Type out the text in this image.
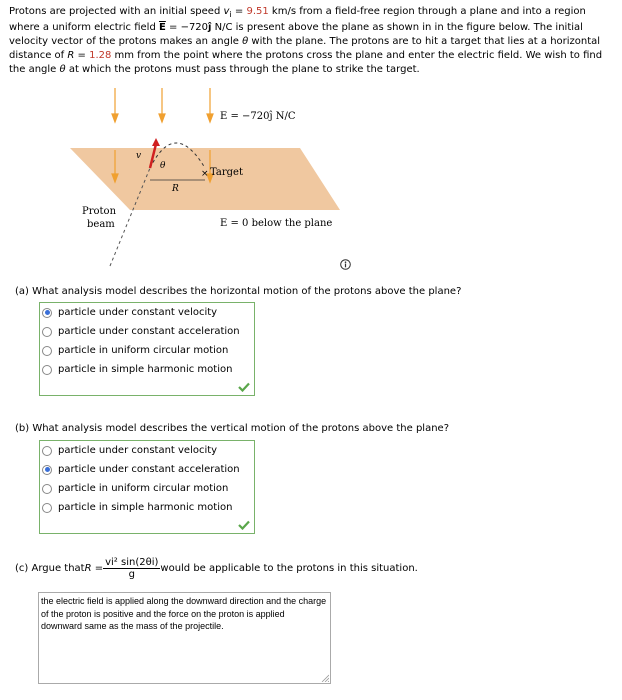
Protons are projected with an initial speed $v_i = 9.51$ km/s from a field-free region through a plane and into a region where a uniform electric field $\overline{E}$ = −720ĵ N/C is present above the plane as shown in in the figure below. The initial velocity vector of the protons makes an angle θ with the plane. The protons are to hit a target that lies at a horizontal distance of R = 1.28 mm from the point where the protons cross the plane and enter the electric field. We wish to find the angle θ at which the protons must pass through the plane to strike the target.
E = −720ĵ N/C
R
θ
v
× Target
Proton
beam	E = 0 below the plane
(a) What analysis model describes the horizontal motion of the protons above the plane?
particle under constant velocity
particle under constant acceleration
particle in uniform circular motion
particle in simple harmonic motion
(b) What analysis model describes the vertical motion of the protons above the plane?
particle under constant velocity
particle under constant acceleration
particle in uniform circular motion
particle in simple harmonic motion
(c) Argue that $R = \frac{\text{vi² sin(2θi)}}{g}$ would be applicable to the protons in this situation.
the electric field is applied along the downward direction and the charge of the proton is positive and the force on the proton is applied downward same as the mass of the projectile.
